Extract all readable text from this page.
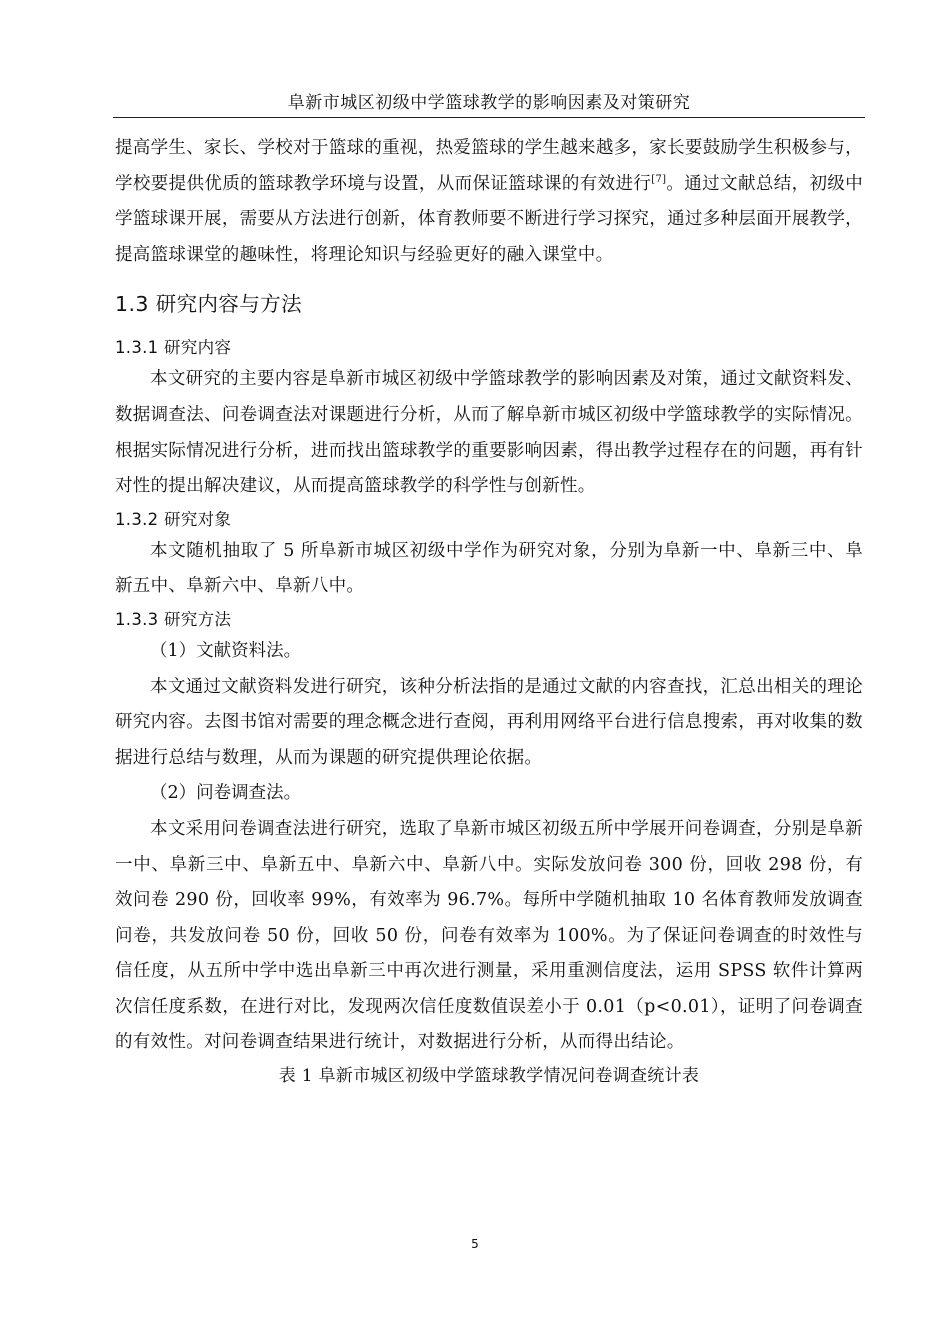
阜新市城区初级中学篮球教学的影响因素及对策研究

提高学生、家长、学校对于篮球的重视，热爱篮球的学生越来越多，家长要鼓励学生积极参与，学校要提供优质的篮球教学环境与设置，从而保证篮球课的有效进行[7]。通过文献总结，初级中学篮球课开展，需要从方法进行创新，体育教师要不断进行学习探究，通过多种层面开展教学，提高篮球课堂的趣味性，将理论知识与经验更好的融入课堂中。

1.3 研究内容与方法
1.3.1 研究内容

本文研究的主要内容是阜新市城区初级中学篮球教学的影响因素及对策，通过文献资料发、数据调查法、问卷调查法对课题进行分析，从而了解阜新市城区初级中学篮球教学的实际情况。根据实际情况进行分析，进而找出篮球教学的重要影响因素，得出教学过程存在的问题，再有针对性的提出解决建议，从而提高篮球教学的科学性与创新性。

1.3.2 研究对象

本文随机抽取了 5 所阜新市城区初级中学作为研究对象，分别为阜新一中、阜新三中、阜新五中、阜新六中、阜新八中。

1.3.3 研究方法

（1）文献资料法。

本文通过文献资料发进行研究，该种分析法指的是通过文献的内容查找，汇总出相关的理论研究内容。去图书馆对需要的理念概念进行查阅，再利用网络平台进行信息搜索，再对收集的数据进行总结与数理，从而为课题的研究提供理论依据。

（2）问卷调查法。

本文采用问卷调查法进行研究，选取了阜新市城区初级五所中学展开问卷调查，分别是阜新一中、阜新三中、阜新五中、阜新六中、阜新八中。实际发放问卷 300 份，回收 298 份，有效问卷 290 份，回收率 99%，有效率为 96.7%。每所中学随机抽取 10 名体育教师发放调查问卷，共发放问卷 50 份，回收 50 份，问卷有效率为 100%。为了保证问卷调查的时效性与信任度，从五所中学中选出阜新三中再次进行测量，采用重测信度法，运用 SPSS 软件计算两次信任度系数，在进行对比，发现两次信任度数值误差小于 0.01（p<0.01），证明了问卷调查的有效性。对问卷调查结果进行统计，对数据进行分析，从而得出结论。

表 1 阜新市城区初级中学篮球教学情况问卷调查统计表
5
